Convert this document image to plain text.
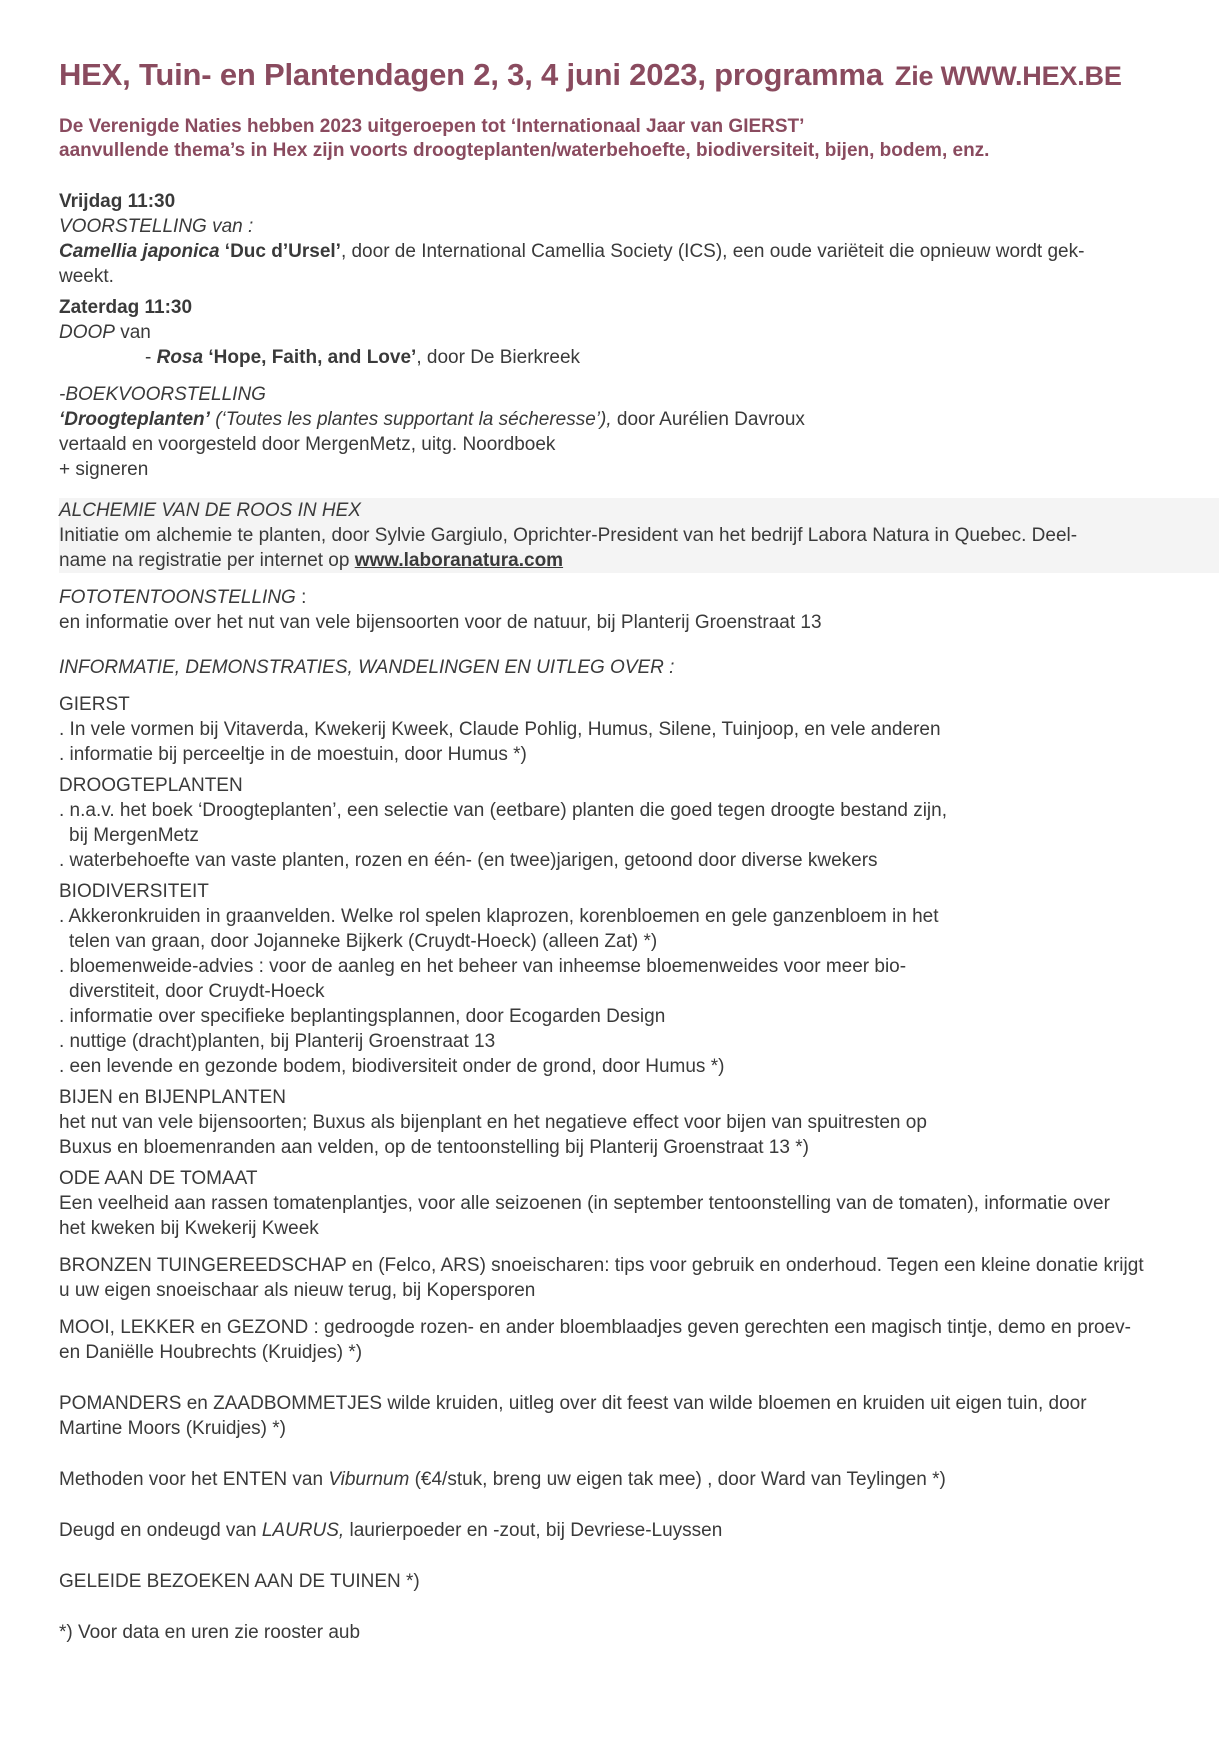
HEX, Tuin- en Plantendagen 2, 3, 4 juni 2023, programma Zie WWW.HEX.BE
De Verenigde Naties hebben 2023 uitgeroepen tot ‘Internationaal Jaar van GIERST’
aanvullende thema’s in Hex zijn voorts droogteplanten/waterbehoefte, biodiversiteit, bijen, bodem, enz.
Vrijdag 11:30
VOORSTELLING van :
Camellia japonica ‘Duc d’Ursel’, door de International Camellia Society (ICS), een oude variëteit die opnieuw wordt gek-
weekt.
Zaterdag 11:30
DOOP van
- Rosa ‘Hope, Faith, and Love’, door De Bierkreek
-BOEKVOORSTELLING
‘Droogteplanten’ (‘Toutes les plantes supportant la sécheresse’), door Aurélien Davroux
vertaald en voorgesteld door MergenMetz, uitg. Noordboek
+ signeren
ALCHEMIE VAN DE ROOS IN HEX
Initiatie om alchemie te planten, door Sylvie Gargiulo, Oprichter-President van het bedrijf Labora Natura in Quebec. Deel-
name na registratie per internet op www.laboranatura.com
FOTOTENTOONSTELLING :
en informatie over het nut van vele bijensoorten voor de natuur, bij Planterij Groenstraat 13
INFORMATIE, DEMONSTRATIES, WANDELINGEN EN UITLEG OVER :
GIERST
. In vele vormen bij Vitaverda, Kwekerij Kweek, Claude Pohlig, Humus, Silene, Tuinjoop, en vele anderen
. informatie bij perceeltje in de moestuin, door Humus *)
DROOGTEPLANTEN
. n.a.v. het boek ‘Droogteplanten’, een selectie van (eetbare) planten die goed tegen droogte bestand zijn,
bij MergenMetz
. waterbehoefte van vaste planten, rozen en één- (en twee)jarigen, getoond door diverse kwekers
BIODIVERSITEIT
. Akkeronkruiden in graanvelden. Welke rol spelen klaprozen, korenbloemen en gele ganzenbloem in het
telen van graan, door Jojanneke Bijkerk (Cruydt-Hoeck) (alleen Zat) *)
. bloemenweide-advies : voor de aanleg en het beheer van inheemse bloemenweides voor meer bio-
diverstiteit, door Cruydt-Hoeck
. informatie over specifieke beplantingsplannen, door Ecogarden Design
. nuttige (dracht)planten, bij Planterij Groenstraat 13
. een levende en gezonde bodem, biodiversiteit onder de grond, door Humus *)
BIJEN en BIJENPLANTEN
het nut van vele bijensoorten; Buxus als bijenplant en het negatieve effect voor bijen van spuitresten op
Buxus en bloemenranden aan velden, op de tentoonstelling bij Planterij Groenstraat 13 *)
ODE AAN DE TOMAAT
Een veelheid aan rassen tomatenplantjes, voor alle seizoenen (in september tentoonstelling van de tomaten), informatie over
het kweken bij Kwekerij Kweek
BRONZEN TUINGEREEDSCHAP en (Felco, ARS) snoeischaren: tips voor gebruik en onderhoud. Tegen een kleine donatie krijgt
u uw eigen snoeischaar als nieuw terug, bij Kopersporen
MOOI, LEKKER en GEZOND : gedroogde rozen- en ander bloemblaadjes geven gerechten een magisch tintje, demo en proev-
en Daniëlle Houbrechts (Kruidjes) *)
POMANDERS en ZAADBOMMETJES wilde kruiden, uitleg over dit feest van wilde bloemen en kruiden uit eigen tuin, door
Martine Moors (Kruidjes) *)
Methoden voor het ENTEN van Viburnum (€4/stuk, breng uw eigen tak mee) , door Ward van Teylingen *)
Deugd en ondeugd van LAURUS, laurierpoeder en -zout, bij Devriese-Luyssen
GELEIDE BEZOEKEN AAN DE TUINEN *)
*) Voor data en uren zie rooster aub
